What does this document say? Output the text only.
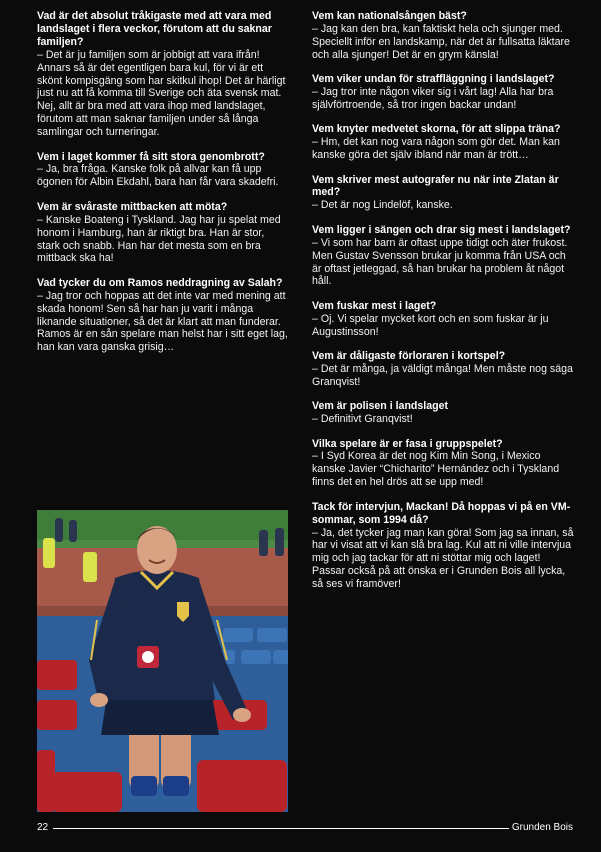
Vad är det absolut tråkigaste med att vara med landslaget i flera veckor, förutom att du saknar familjen?

– Det är ju familjen som är jobbigt att vara ifrån! Annars så är det egentligen bara kul, för vi är ett skönt kompisgäng som har skitkul ihop! Det är härligt just nu att få komma till Sverige och äta svensk mat. Nej, allt är bra med att vara ihop med landslaget, förutom att man saknar familjen under så långa samlingar och turneringar.

Vem i laget kommer få sitt stora genombrott?

– Ja, bra fråga. Kanske folk på allvar kan få upp ögonen för Albin Ekdahl, bara han får vara skadefri.

Vem är svåraste mittbacken att möta?

– Kanske Boateng i Tyskland. Jag har ju spelat med honom i Hamburg, han är riktigt bra. Han är stor, stark och snabb. Han har det mesta som en bra mittback ska ha!

Vad tycker du om Ramos neddragning av Salah?

– Jag tror och hoppas att det inte var med mening att skada honom! Sen så har han ju varit i många liknande situationer, så det är klart att man funderar. Ramos är en sån spelare man helst har i sitt eget lag, han kan vara ganska grisig…

Vem kan nationalsången bäst?

– Jag kan den bra, kan faktiskt hela och sjunger med. Speciellt inför en landskamp, när det är fullsatta läktare och alla sjunger! Det är en grym känsla!

Vem viker undan för straffläggning i landslaget?

– Jag tror inte någon viker sig i vårt lag! Alla har bra självförtroende, så tror ingen backar undan!

Vem knyter medvetet skorna, för att slippa träna?

– Hm, det kan nog vara någon som gör det. Man kan kanske göra det själv ibland när man är trött…

Vem skriver mest autografer nu när inte Zlatan är med?

– Det är nog Lindelöf, kanske.

Vem ligger i sängen och drar sig mest i landslaget?

– Vi som har barn är oftast uppe tidigt och äter frukost. Men Gustav Svensson brukar ju komma från USA och är oftast jetleggad, så han brukar ha problem åt något håll.

Vem fuskar mest i laget?

– Oj. Vi spelar mycket kort och en som fuskar är ju Augustinsson!

Vem är dåligaste förloraren i kortspel?

– Det är många, ja väldigt många! Men måste nog säga Granqvist!

Vem är polisen i landslaget

– Definitivt Granqvist!

Vilka spelare är er fasa i gruppspelet?

– I Syd Korea är det nog Kim Min Song, i Mexico kanske Javier “Chicharito” Hernández och i Tyskland finns det en hel drös att se upp med!

Tack för intervjun, Mackan! Då hoppas vi på en VM-sommar, som 1994 då?

– Ja, det tycker jag man kan göra! Som jag sa innan, så har vi visat att vi kan slå bra lag. Kul att ni ville intervjua mig och jag tackar för att ni stöttar mig och laget! Passar också på att önska er i Grunden Bois all lycka, så ses vi framöver!

22	Grunden Bois
